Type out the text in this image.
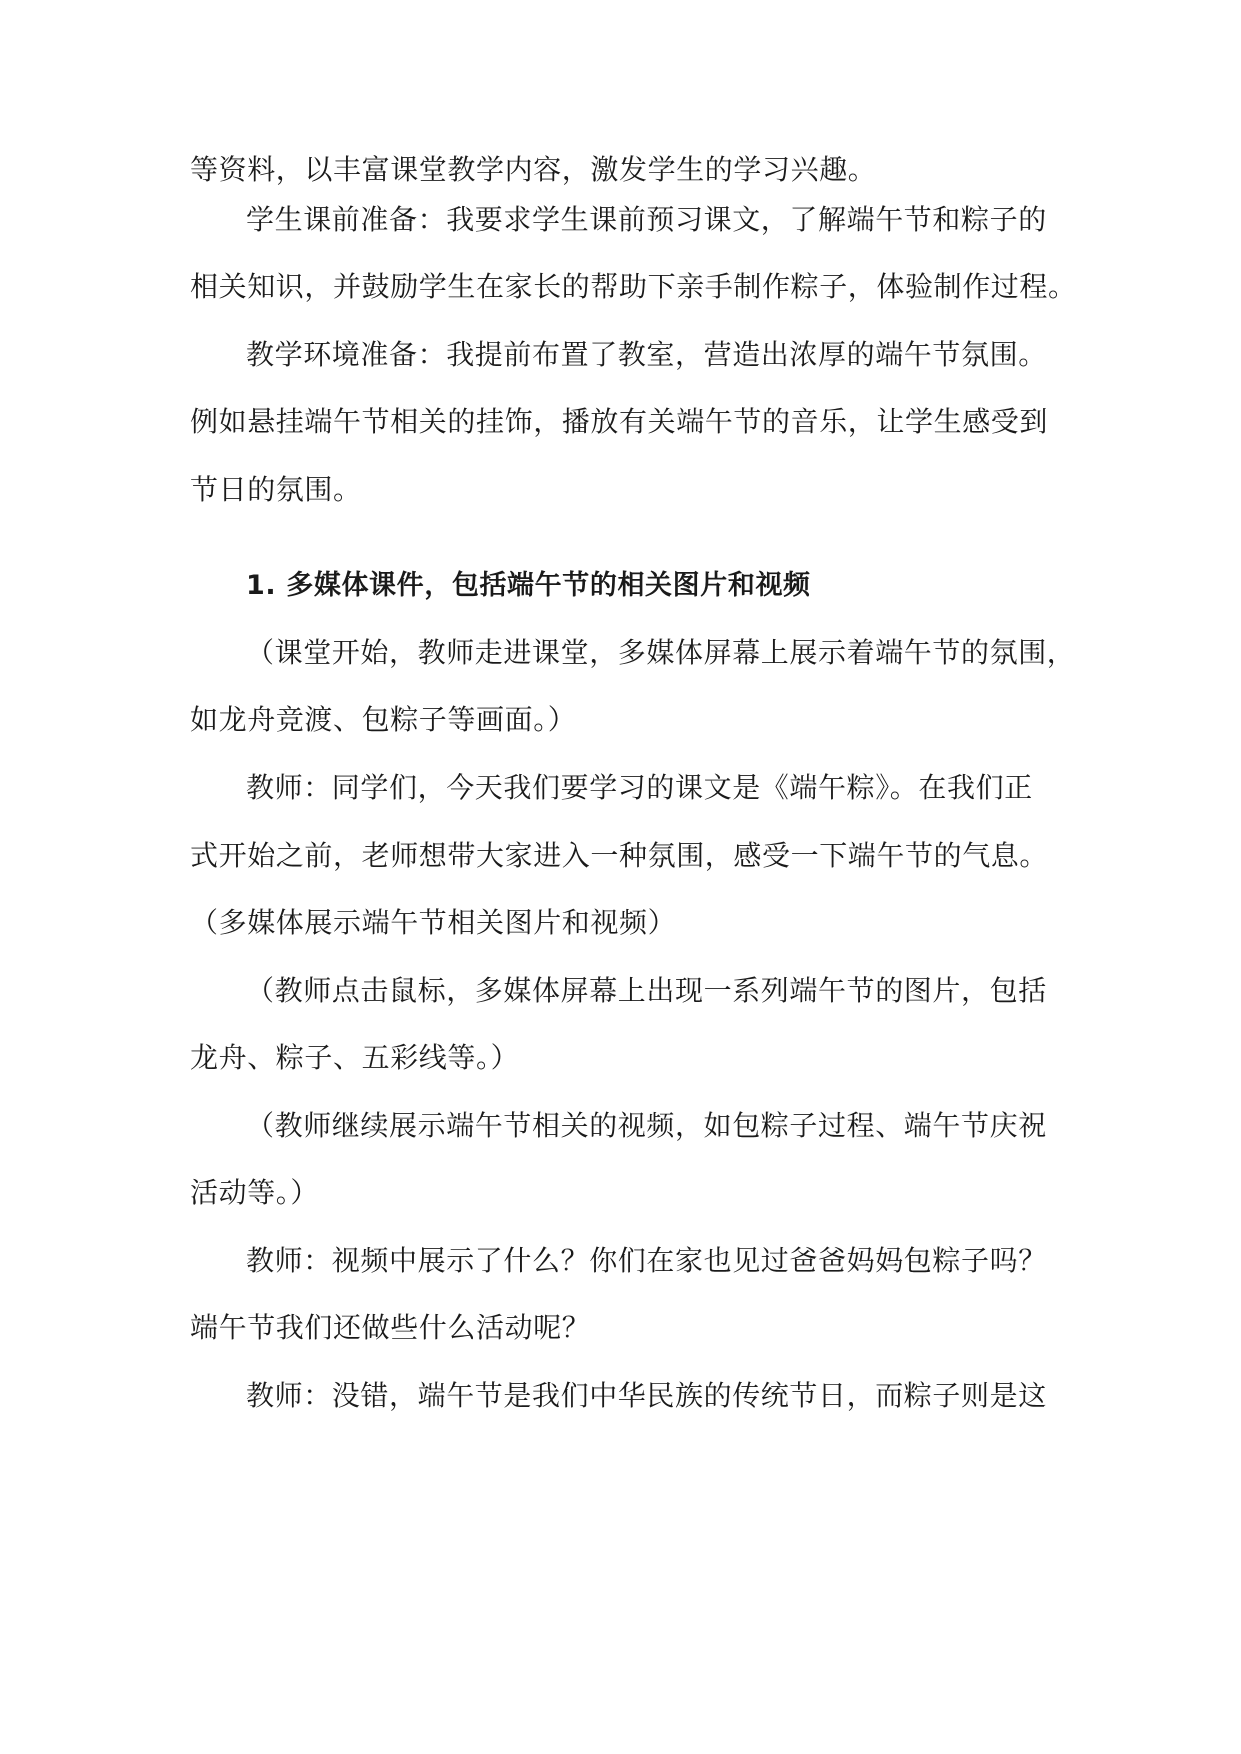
等资料，以丰富课堂教学内容，激发学生的学习兴趣。
学生课前准备：我要求学生课前预习课文，了解端午节和粽子的
相关知识，并鼓励学生在家长的帮助下亲手制作粽子，体验制作过程。
教学环境准备：我提前布置了教室，营造出浓厚的端午节氛围。
例如悬挂端午节相关的挂饰，播放有关端午节的音乐，让学生感受到
节日的氛围。
1. 多媒体课件，包括端午节的相关图片和视频
（课堂开始，教师走进课堂，多媒体屏幕上展示着端午节的氛围，
如龙舟竞渡、包粽子等画面。）
教师：同学们，今天我们要学习的课文是《端午粽》。在我们正
式开始之前，老师想带大家进入一种氛围，感受一下端午节的气息。
（多媒体展示端午节相关图片和视频）
（教师点击鼠标，多媒体屏幕上出现一系列端午节的图片，包括
龙舟、粽子、五彩线等。）
（教师继续展示端午节相关的视频，如包粽子过程、端午节庆祝
活动等。）
教师：视频中展示了什么？你们在家也见过爸爸妈妈包粽子吗？
端午节我们还做些什么活动呢？
教师：没错，端午节是我们中华民族的传统节日，而粽子则是这
